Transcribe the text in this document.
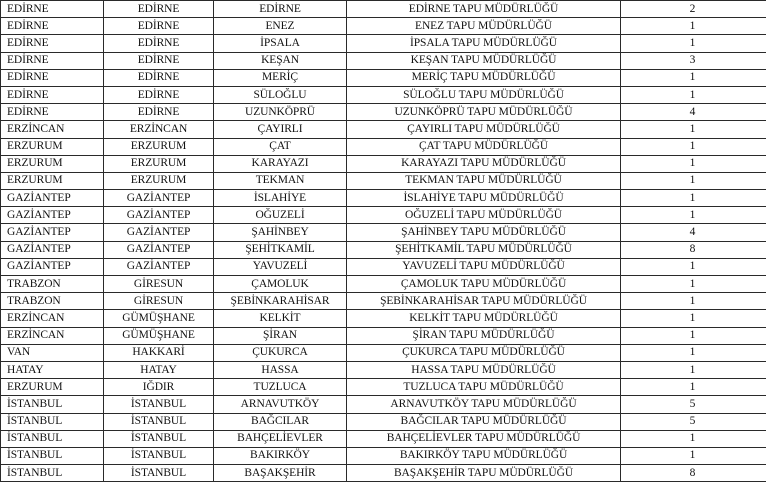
EDİRNE	EDİRNE	EDİRNE	EDİRNE TAPU MÜDÜRLÜĞÜ	2
EDİRNE	EDİRNE	ENEZ	ENEZ TAPU MÜDÜRLÜĞÜ	1
EDİRNE	EDİRNE	İPSALA	İPSALA TAPU MÜDÜRLÜĞÜ	1
EDİRNE	EDİRNE	KEŞAN	KEŞAN TAPU MÜDÜRLÜĞÜ	3
EDİRNE	EDİRNE	MERİÇ	MERİÇ TAPU MÜDÜRLÜĞÜ	1
EDİRNE	EDİRNE	SÜLOĞLU	SÜLOĞLU TAPU MÜDÜRLÜĞÜ	1
EDİRNE	EDİRNE	UZUNKÖPRÜ	UZUNKÖPRÜ TAPU MÜDÜRLÜĞÜ	4
ERZİNCAN	ERZİNCAN	ÇAYIRLI	ÇAYIRLI TAPU MÜDÜRLÜĞÜ	1
ERZURUM	ERZURUM	ÇAT	ÇAT TAPU MÜDÜRLÜĞÜ	1
ERZURUM	ERZURUM	KARAYAZI	KARAYAZI TAPU MÜDÜRLÜĞÜ	1
ERZURUM	ERZURUM	TEKMAN	TEKMAN TAPU MÜDÜRLÜĞÜ	1
GAZİANTEP	GAZİANTEP	İSLAHİYE	İSLAHİYE TAPU MÜDÜRLÜĞÜ	1
GAZİANTEP	GAZİANTEP	OĞUZELİ	OĞUZELİ TAPU MÜDÜRLÜĞÜ	1
GAZİANTEP	GAZİANTEP	ŞAHİNBEY	ŞAHİNBEY TAPU MÜDÜRLÜĞÜ	4
GAZİANTEP	GAZİANTEP	ŞEHİTKAMİL	ŞEHİTKAMİL TAPU MÜDÜRLÜĞÜ	8
GAZİANTEP	GAZİANTEP	YAVUZELİ	YAVUZELİ TAPU MÜDÜRLÜĞÜ	1
TRABZON	GİRESUN	ÇAMOLUK	ÇAMOLUK TAPU MÜDÜRLÜĞÜ	1
TRABZON	GİRESUN	ŞEBİNKARAHİSAR	ŞEBİNKARAHİSAR TAPU MÜDÜRLÜĞÜ	1
ERZİNCAN	GÜMÜŞHANE	KELKİT	KELKİT TAPU MÜDÜRLÜĞÜ	1
ERZİNCAN	GÜMÜŞHANE	ŞİRAN	ŞİRAN TAPU MÜDÜRLÜĞÜ	1
VAN	HAKKARİ	ÇUKURCA	ÇUKURCA TAPU MÜDÜRLÜĞÜ	1
HATAY	HATAY	HASSA	HASSA TAPU MÜDÜRLÜĞÜ	1
ERZURUM	IĞDIR	TUZLUCA	TUZLUCA TAPU MÜDÜRLÜĞÜ	1
İSTANBUL	İSTANBUL	ARNAVUTKÖY	ARNAVUTKÖY TAPU MÜDÜRLÜĞÜ	5
İSTANBUL	İSTANBUL	BAĞCILAR	BAĞCILAR TAPU MÜDÜRLÜĞÜ	5
İSTANBUL	İSTANBUL	BAHÇELİEVLER	BAHÇELİEVLER TAPU MÜDÜRLÜĞÜ	1
İSTANBUL	İSTANBUL	BAKIRKÖY	BAKIRKÖY TAPU MÜDÜRLÜĞÜ	1
İSTANBUL	İSTANBUL	BAŞAKŞEHİR	BAŞAKŞEHİR TAPU MÜDÜRLÜĞÜ	8
